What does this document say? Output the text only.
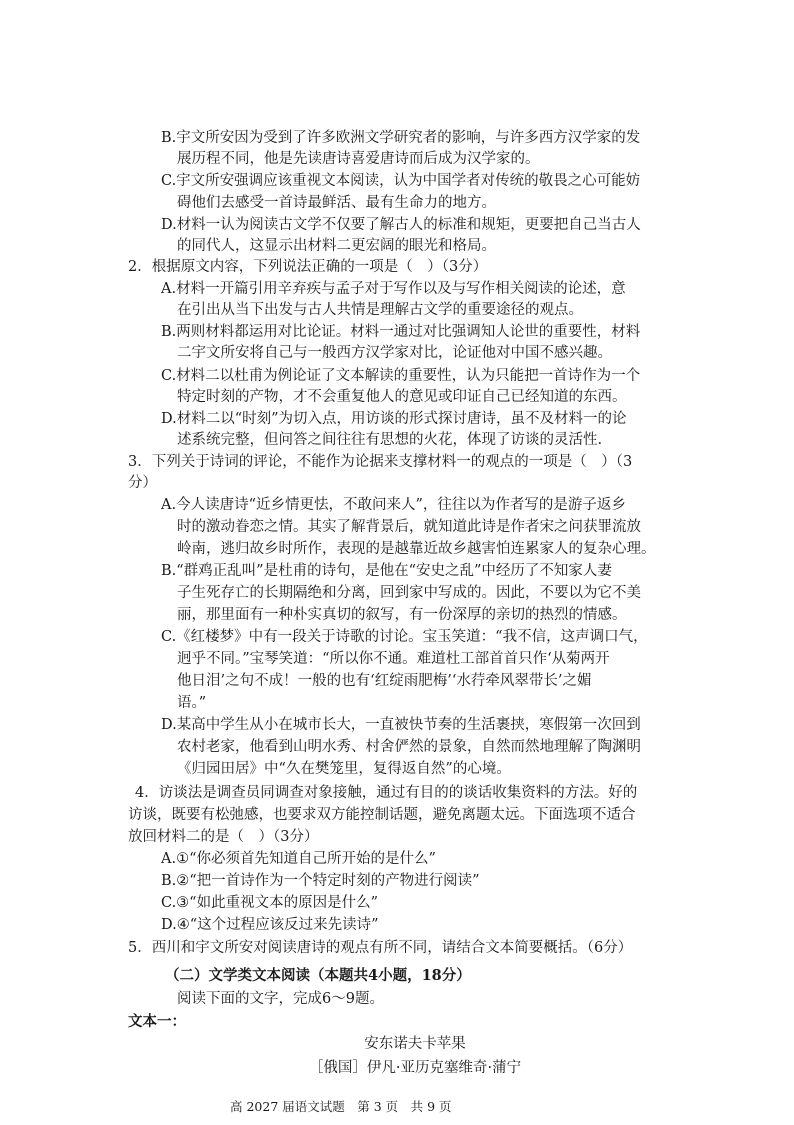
B.宇文所安因为受到了许多欧洲文学研究者的影响，与许多西方汉学家的发
展历程不同，他是先读唐诗喜爱唐诗而后成为汉学家的。
C.宇文所安强调应该重视文本阅读，认为中国学者对传统的敬畏之心可能妨
碍他们去感受一首诗最鲜活、最有生命力的地方。
D.材料一认为阅读古文学不仅要了解古人的标准和规矩，更要把自己当古人
的同代人，这显示出材料二更宏阔的眼光和格局。
2．根据原文内容，下列说法正确的一项是（　）（3分）
A.材料一开篇引用辛弃疾与孟子对于写作以及与写作相关阅读的论述，意
在引出从当下出发与古人共情是理解古文学的重要途径的观点。
B.两则材料都运用对比论证。材料一通过对比强调知人论世的重要性，材料
二宇文所安将自己与一般西方汉学家对比，论证他对中国不感兴趣。
C.材料二以杜甫为例论证了文本解读的重要性，认为只能把一首诗作为一个
特定时刻的产物，才不会重复他人的意见或印证自己已经知道的东西。
D.材料二以“时刻”为切入点，用访谈的形式探讨唐诗，虽不及材料一的论
述系统完整，但问答之间往往有思想的火花，体现了访谈的灵活性.
3．下列关于诗词的评论，不能作为论据来支撑材料一的观点的一项是（　）（3
分）
A.今人读唐诗“近乡情更怯，不敢问来人”，往往以为作者写的是游子返乡
时的激动眷恋之情。其实了解背景后，就知道此诗是作者宋之问获罪流放
岭南，逃归故乡时所作，表现的是越靠近故乡越害怕连累家人的复杂心理。
B.“群鸡正乱叫”是杜甫的诗句，是他在“安史之乱”中经历了不知家人妻
子生死存亡的长期隔绝和分离，回到家中写成的。因此，不要以为它不美
丽，那里面有一种朴实真切的叙写，有一份深厚的亲切的热烈的情感。
C.《红楼梦》中有一段关于诗歌的讨论。宝玉笑道：“我不信，这声调口气，
迥乎不同。”宝琴笑道：“所以你不通。难道杜工部首首只作‘从菊两开
他日泪’之句不成！一般的也有‘红绽雨肥梅’‘水荇牵风翠带长’之媚
语。”
D.某高中学生从小在城市长大，一直被快节奏的生活裹挟，寒假第一次回到
农村老家，他看到山明水秀、村舍俨然的景象，自然而然地理解了陶渊明
《归园田居》中“久在樊笼里，复得返自然”的心境。
4．访谈法是调查员同调查对象接触，通过有目的的谈话收集资料的方法。好的
访谈，既要有松弛感，也要求双方能控制话题，避免离题太远。下面选项不适合
放回材料二的是（　）（3分）
A.①“你必须首先知道自己所开始的是什么”
B.②“把一首诗作为一个特定时刻的产物进行阅读”
C.③“如此重视文本的原因是什么”
D.④“这个过程应该反过来先读诗”
5．西川和宇文所安对阅读唐诗的观点有所不同，请结合文本简要概括。（6分）
（二）文学类文本阅读（本题共4小题，18分）
阅读下面的文字，完成6～9题。
文本一：
安东诺夫卡苹果
［俄国］伊凡·亚历克塞维奇·蒲宁
高 2027 届语文试题　第 3 页　共 9 页
